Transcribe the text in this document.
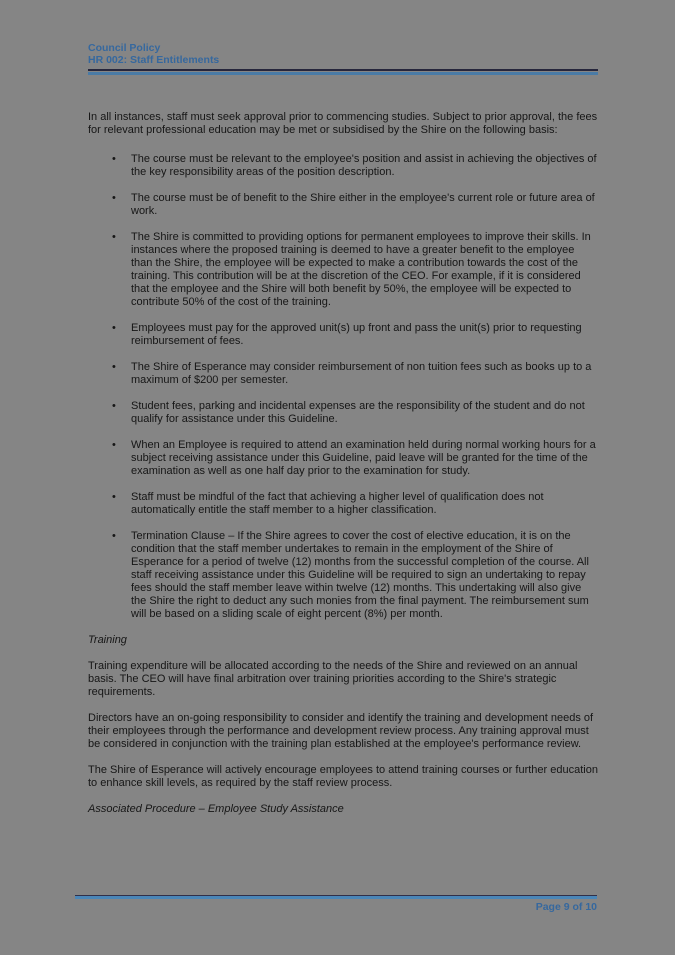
Council Policy
HR 002: Staff Entitlements

In all instances, staff must seek approval prior to commencing studies. Subject to prior approval, the fees for relevant professional education may be met or subsidised by the Shire on the following basis:

• The course must be relevant to the employee's position and assist in achieving the objectives of the key responsibility areas of the position description.
• The course must be of benefit to the Shire either in the employee's current role or future area of work.
• The Shire is committed to providing options for permanent employees to improve their skills. In instances where the proposed training is deemed to have a greater benefit to the employee than the Shire, the employee will be expected to make a contribution towards the cost of the training. This contribution will be at the discretion of the CEO. For example, if it is considered that the employee and the Shire will both benefit by 50%, the employee will be expected to contribute 50% of the cost of the training.
• Employees must pay for the approved unit(s) up front and pass the unit(s) prior to requesting reimbursement of fees.
• The Shire of Esperance may consider reimbursement of non tuition fees such as books up to a maximum of $200 per semester.
• Student fees, parking and incidental expenses are the responsibility of the student and do not qualify for assistance under this Guideline.
• When an Employee is required to attend an examination held during normal working hours for a subject receiving assistance under this Guideline, paid leave will be granted for the time of the examination as well as one half day prior to the examination for study.
• Staff must be mindful of the fact that achieving a higher level of qualification does not automatically entitle the staff member to a higher classification.
• Termination Clause – If the Shire agrees to cover the cost of elective education, it is on the condition that the staff member undertakes to remain in the employment of the Shire of Esperance for a period of twelve (12) months from the successful completion of the course. All staff receiving assistance under this Guideline will be required to sign an undertaking to repay fees should the staff member leave within twelve (12) months. This undertaking will also give the Shire the right to deduct any such monies from the final payment. The reimbursement sum will be based on a sliding scale of eight percent (8%) per month.
Training

Training expenditure will be allocated according to the needs of the Shire and reviewed on an annual basis. The CEO will have final arbitration over training priorities according to the Shire's strategic requirements.

Directors have an on-going responsibility to consider and identify the training and development needs of their employees through the performance and development review process. Any training approval must be considered in conjunction with the training plan established at the employee's performance review.

The Shire of Esperance will actively encourage employees to attend training courses or further education to enhance skill levels, as required by the staff review process.

Associated Procedure – Employee Study Assistance
Page 9 of 10
